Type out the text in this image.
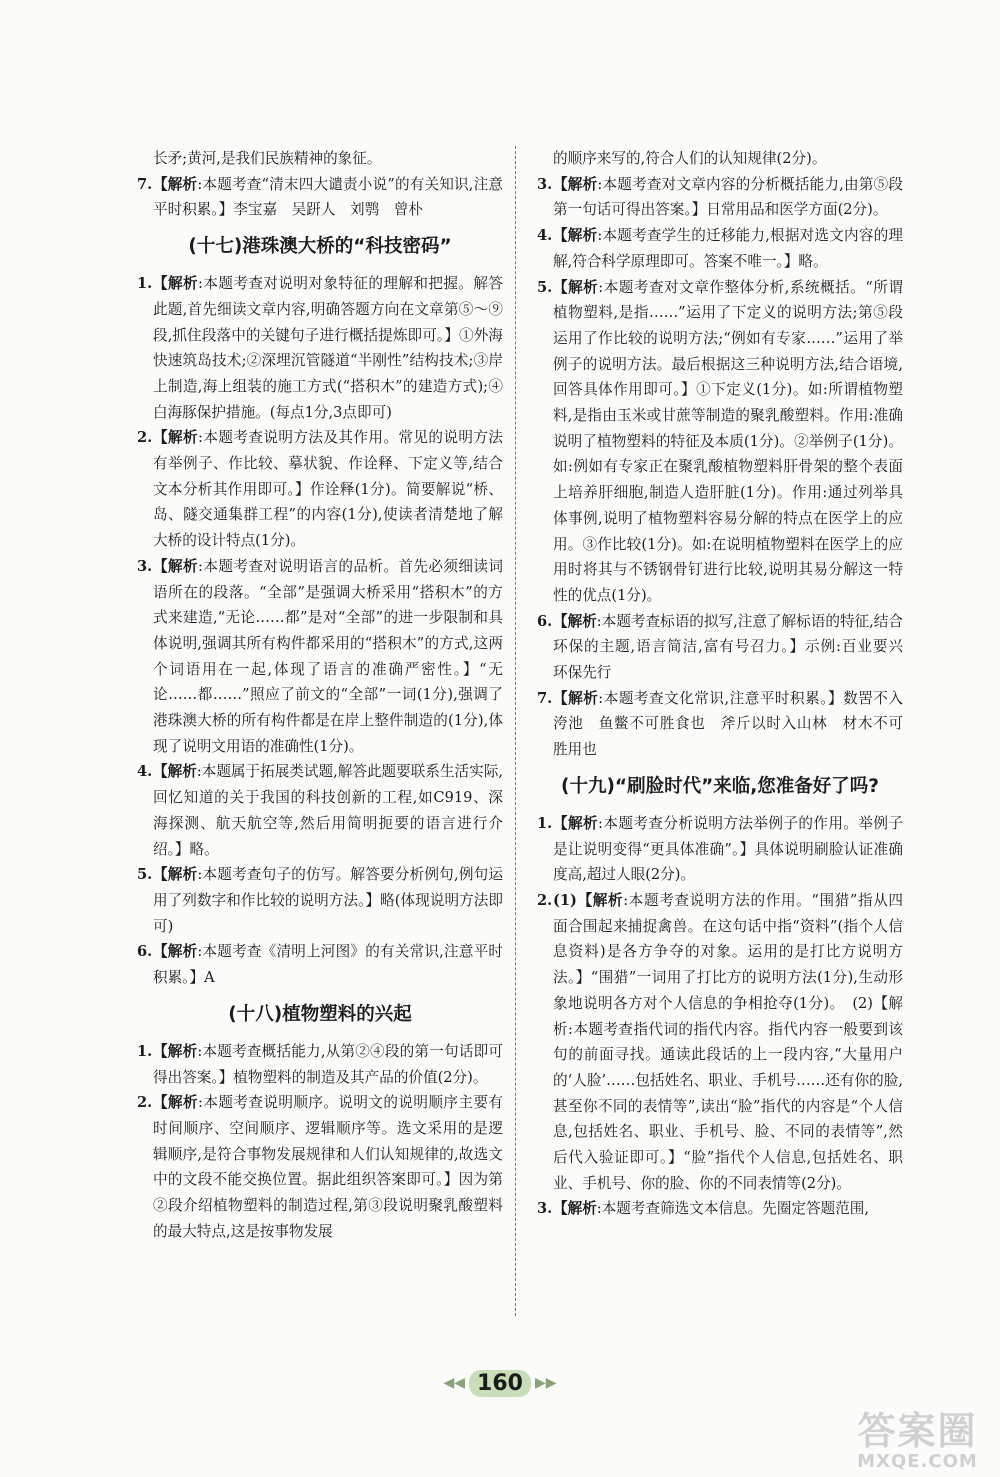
长矛;黄河,是我们民族精神的象征。
7. 【解析:本题考查“清末四大谴责小说”的有关知识,注意平时积累。】李宝嘉　吴趼人　刘鹗　曾朴
(十七)港珠澳大桥的“科技密码”
1. 【解析:本题考查对说明对象特征的理解和把握。解答此题,首先细读文章内容,明确答题方向在文章第⑤～⑨段,抓住段落中的关键句子进行概括提炼即可。】①外海快速筑岛技术;②深埋沉管隧道“半刚性”结构技术;③岸上制造,海上组装的施工方式(“搭积木”的建造方式);④白海豚保护措施。(每点1分,3点即可)
2. 【解析:本题考查说明方法及其作用。常见的说明方法有举例子、作比较、摹状貌、作诠释、下定义等,结合文本分析其作用即可。】作诠释(1分)。简要解说“桥、岛、隧交通集群工程”的内容(1分),使读者清楚地了解大桥的设计特点(1分)。
3. 【解析:本题考查对说明语言的品析。首先必须细读词语所在的段落。“全部”是强调大桥采用“搭积木”的方式来建造,“无论……都”是对“全部”的进一步限制和具体说明,强调其所有构件都采用的“搭积木”的方式,这两个词语用在一起,体现了语言的准确严密性。】“无论……都……”照应了前文的“全部”一词(1分),强调了港珠澳大桥的所有构件都是在岸上整件制造的(1分),体现了说明文用语的准确性(1分)。
4. 【解析:本题属于拓展类试题,解答此题要联系生活实际,回忆知道的关于我国的科技创新的工程,如C919、深海探测、航天航空等,然后用简明扼要的语言进行介绍。】略。
5. 【解析:本题考查句子的仿写。解答要分析例句,例句运用了列数字和作比较的说明方法。】略(体现说明方法即可)
6. 【解析:本题考查《清明上河图》的有关常识,注意平时积累。】A
(十八)植物塑料的兴起
1. 【解析:本题考查概括能力,从第②④段的第一句话即可得出答案。】植物塑料的制造及其产品的价值(2分)。
2. 【解析:本题考查说明顺序。说明文的说明顺序主要有时间顺序、空间顺序、逻辑顺序等。选文采用的是逻辑顺序,是符合事物发展规律和人们认知规律的,故选文中的文段不能交换位置。据此组织答案即可。】因为第②段介绍植物塑料的制造过程,第③段说明聚乳酸塑料的最大特点,这是按事物发展
的顺序来写的,符合人们的认知规律(2分)。
3. 【解析:本题考查对文章内容的分析概括能力,由第⑤段第一句话可得出答案。】日常用品和医学方面(2分)。
4. 【解析:本题考查学生的迁移能力,根据对选文内容的理解,符合科学原理即可。答案不唯一。】略。
5. 【解析:本题考查对文章作整体分析,系统概括。“所谓植物塑料,是指……”运用了下定义的说明方法;第⑤段运用了作比较的说明方法;“例如有专家……”运用了举例子的说明方法。最后根据这三种说明方法,结合语境,回答具体作用即可。】①下定义(1分)。如:所谓植物塑料,是指由玉米或甘蔗等制造的聚乳酸塑料。作用:准确说明了植物塑料的特征及本质(1分)。②举例子(1分)。如:例如有专家正在聚乳酸植物塑料肝骨架的整个表面上培养肝细胞,制造人造肝脏(1分)。作用:通过列举具体事例,说明了植物塑料容易分解的特点在医学上的应用。③作比较(1分)。如:在说明植物塑料在医学上的应用时将其与不锈钢骨钉进行比较,说明其易分解这一特性的优点(1分)。
6. 【解析:本题考查标语的拟写,注意了解标语的特征,结合环保的主题,语言简洁,富有号召力。】示例:百业要兴　环保先行
7. 【解析:本题考查文化常识,注意平时积累。】数罟不入洿池　鱼鳖不可胜食也　斧斤以时入山林　材木不可胜用也
(十九)“刷脸时代”来临,您准备好了吗?
1. 【解析:本题考查分析说明方法举例子的作用。举例子是让说明变得“更具体准确”。】具体说明刷脸认证准确度高,超过人眼(2分)。
2. (1)【解析:本题考查说明方法的作用。“围猎”指从四面合围起来捕捉禽兽。在这句话中指“资料”(指个人信息资料)是各方争夺的对象。运用的是打比方说明方法。】“围猎”一词用了打比方的说明方法(1分),生动形象地说明各方对个人信息的争相抢夺(1分)。　(2)【解析:本题考查指代词的指代内容。指代内容一般要到该句的前面寻找。通读此段话的上一段内容,“大量用户的‘人脸’……包括姓名、职业、手机号……还有你的脸,甚至你不同的表情等”,读出“脸”指代的内容是“个人信息,包括姓名、职业、手机号、脸、不同的表情等”,然后代入验证即可。】“脸”指代个人信息,包括姓名、职业、手机号、你的脸、你的不同表情等(2分)。
3. 【解析:本题考查筛选文本信息。先圈定答题范围,
◀◀ 160 ▶▶
答案圈
MXQE.COM
